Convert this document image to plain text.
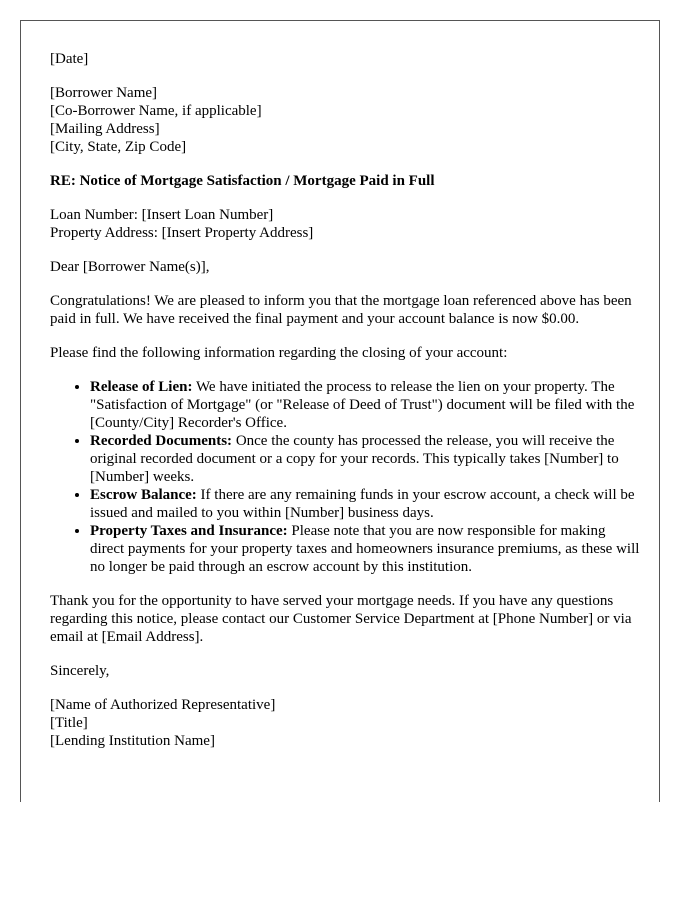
[Date]

[Borrower Name]
[Co-Borrower Name, if applicable]
[Mailing Address]
[City, State, Zip Code]

RE: Notice of Mortgage Satisfaction / Mortgage Paid in Full

Loan Number: [Insert Loan Number]
Property Address: [Insert Property Address]

Dear [Borrower Name(s)],

Congratulations! We are pleased to inform you that the mortgage loan referenced above has been paid in full. We have received the final payment and your account balance is now $0.00.

Please find the following information regarding the closing of your account:

• Release of Lien: We have initiated the process to release the lien on your property. The "Satisfaction of Mortgage" (or "Release of Deed of Trust") document will be filed with the [County/City] Recorder's Office.
• Recorded Documents: Once the county has processed the release, you will receive the original recorded document or a copy for your records. This typically takes [Number] to [Number] weeks.
• Escrow Balance: If there are any remaining funds in your escrow account, a check will be issued and mailed to you within [Number] business days.
• Property Taxes and Insurance: Please note that you are now responsible for making direct payments for your property taxes and homeowners insurance premiums, as these will no longer be paid through an escrow account by this institution.

Thank you for the opportunity to have served your mortgage needs. If you have any questions regarding this notice, please contact our Customer Service Department at [Phone Number] or via email at [Email Address].

Sincerely,

[Name of Authorized Representative]
[Title]
[Lending Institution Name]
